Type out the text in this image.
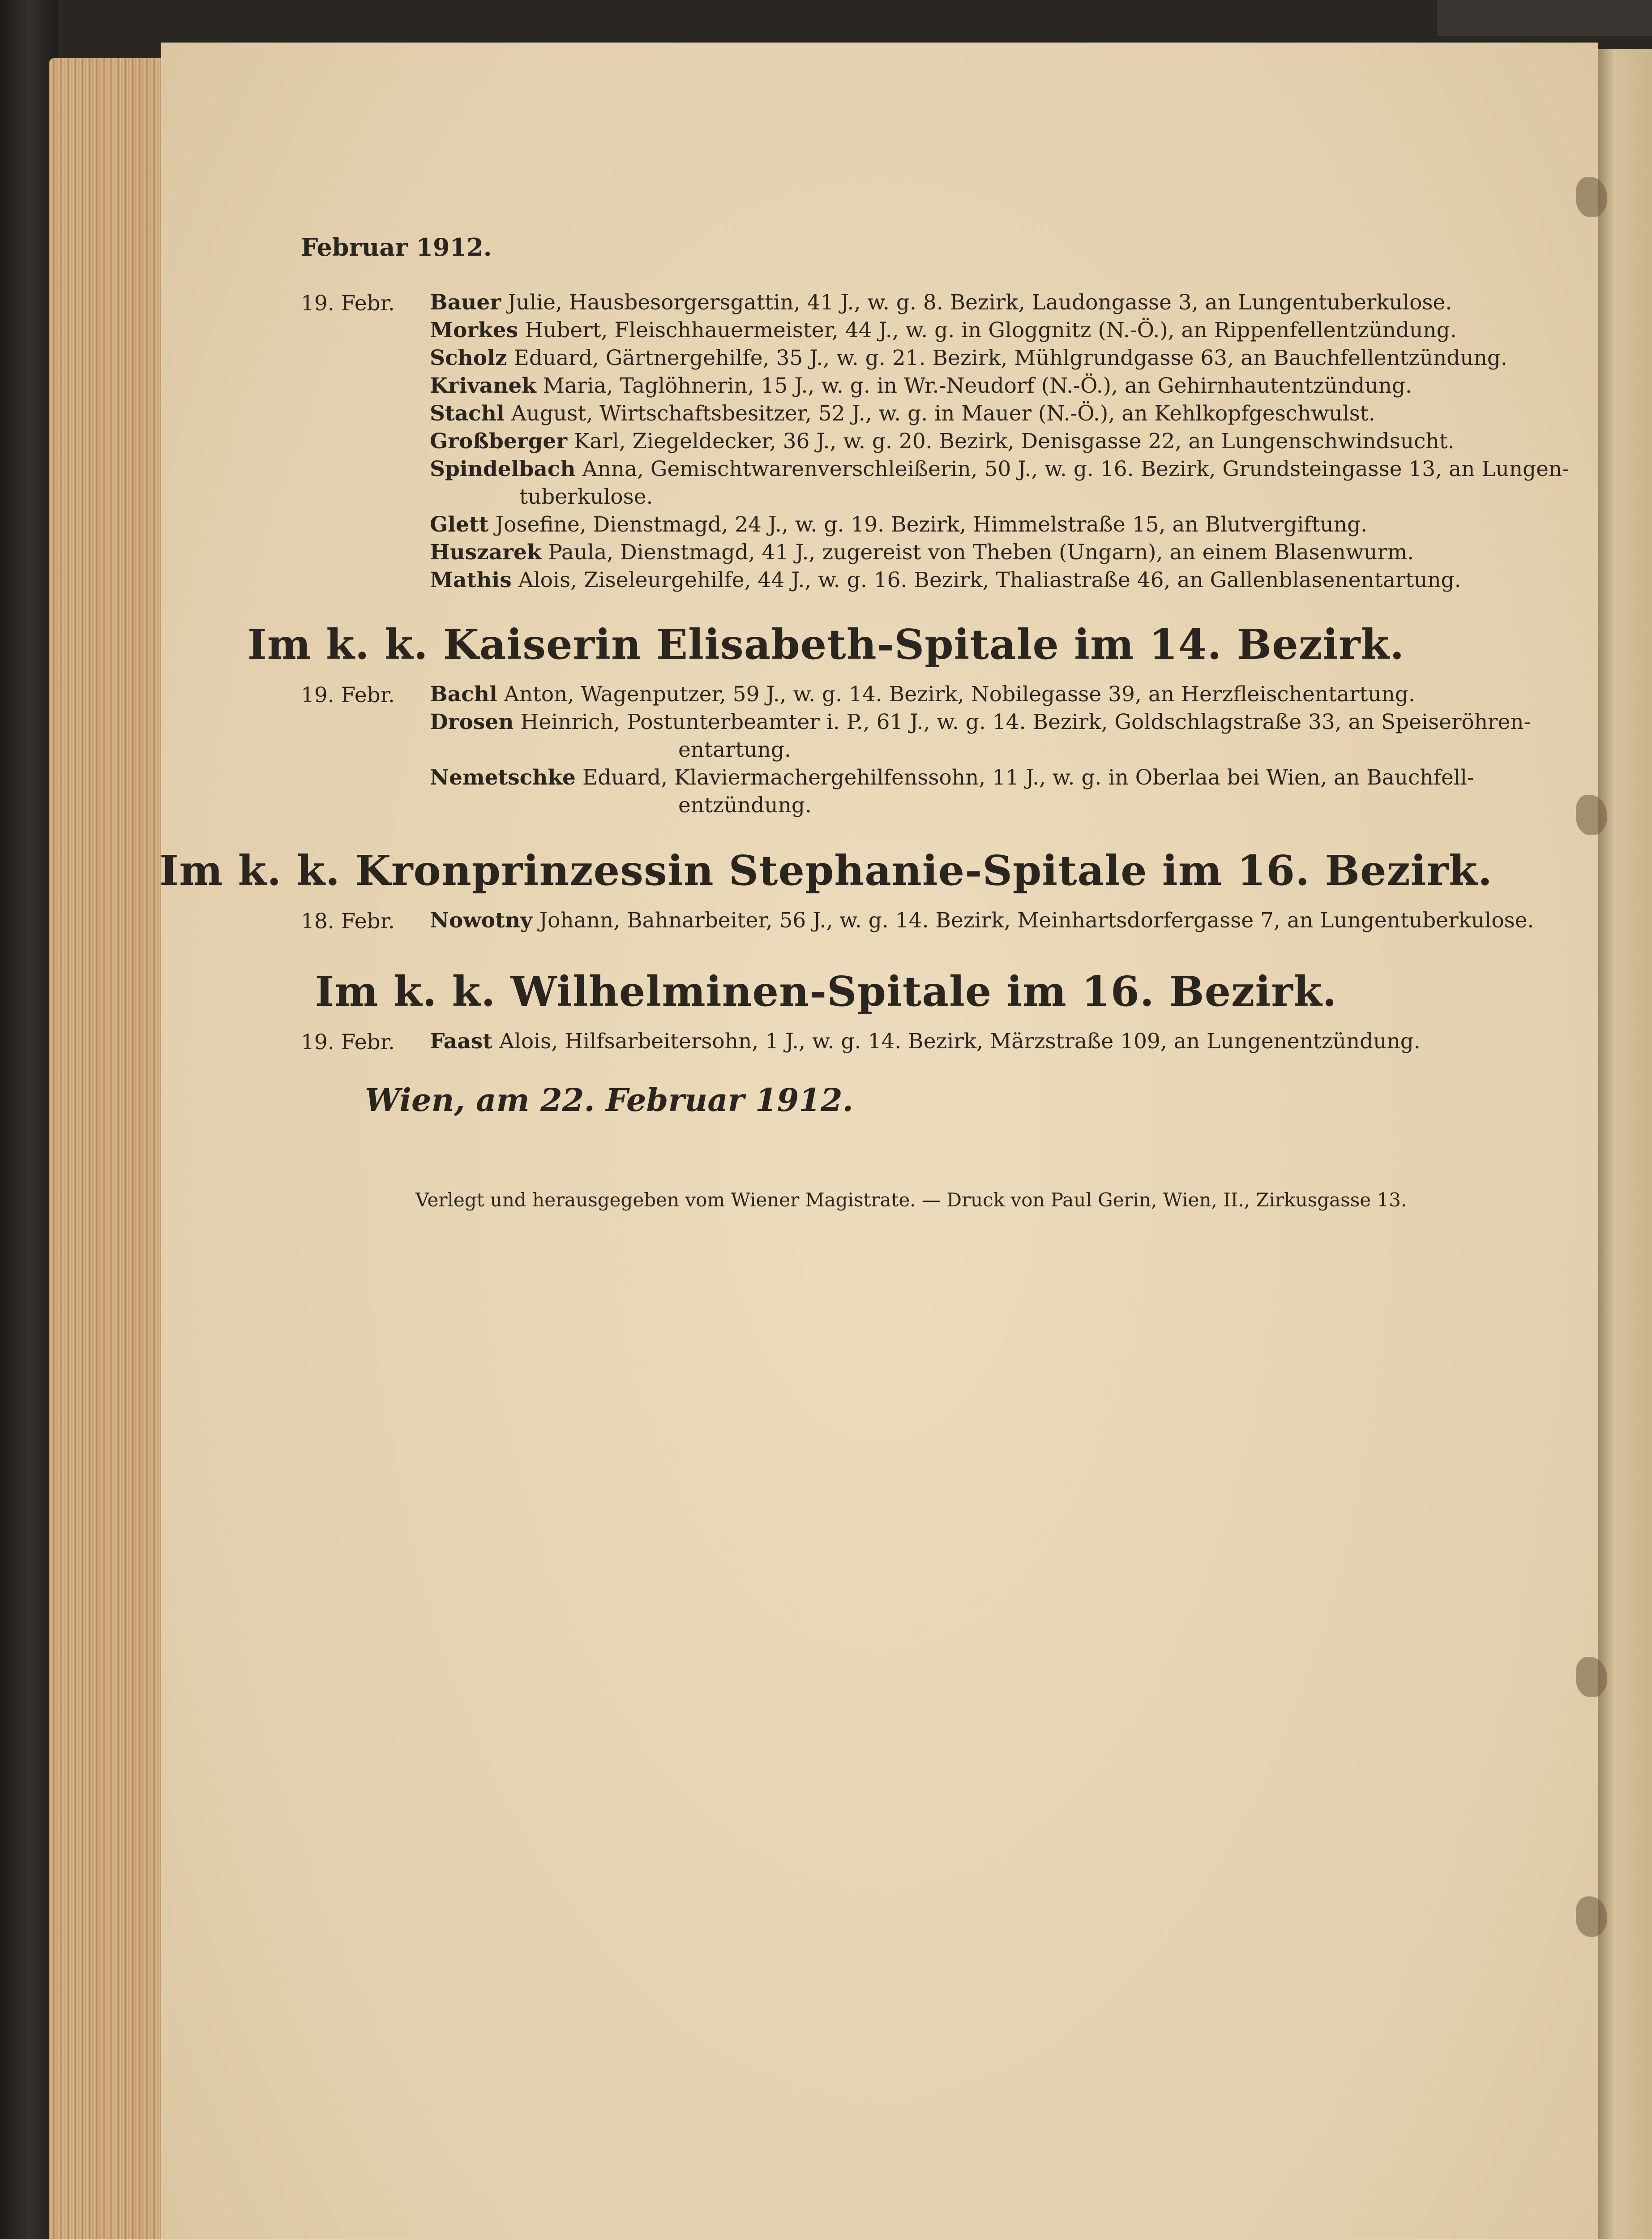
Februar 1912.
19. Febr. Bauer Julie, Hausbesorgersgattin, 41 J., w. g. 8. Bezirk, Laudongasse 3, an Lungentuberkulose.
Morkes Hubert, Fleischhauermeister, 44 J., w. g. in Gloggnitz (N.-Ö.), an Rippenfellentzündung.
Scholz Eduard, Gärtnergehilfe, 35 J., w. g. 21. Bezirk, Mühlgrundgasse 63, an Bauchfellentzündung.
Krivanek Maria, Taglöhnerin, 15 J., w. g. in Wr.-Neudorf (N.-Ö.), an Gehirnhautentzündung.
Stachl August, Wirtschaftsbesitzer, 52 J., w. g. in Mauer (N.-Ö.), an Kehlkopfgeschwulst.
Großberger Karl, Ziegeldecker, 36 J., w. g. 20. Bezirk, Denisgasse 22, an Lungenschwindsucht.
Spindelbach Anna, Gemischtwarenverschleißerin, 50 J., w. g. 16. Bezirk, Grundsteingasse 13, an Lungen-
tuberkulose.
Glett Josefine, Dienstmagd, 24 J., w. g. 19. Bezirk, Himmelstraße 15, an Blutvergiftung.
Huszarek Paula, Dienstmagd, 41 J., zugereist von Theben (Ungarn), an einem Blasenwurm.
Mathis Alois, Ziseleurgehilfe, 44 J., w. g. 16. Bezirk, Thaliastraße 46, an Gallenblasenentartung.
Im k. k. Kaiserin Elisabeth-Spitale im 14. Bezirk.
19. Febr. Bachl Anton, Wagenputzer, 59 J., w. g. 14. Bezirk, Nobilegasse 39, an Herzfleischentartung.
Drosen Heinrich, Postunterbeamter i. P., 61 J., w. g. 14. Bezirk, Goldschlagstraße 33, an Speiseröhren-
entartung.
Nemetschke Eduard, Klaviermachergehilfenssohn, 11 J., w. g. in Oberlaa bei Wien, an Bauchfell-
entzündung.
Im k. k. Kronprinzessin Stephanie-Spitale im 16. Bezirk.
18. Febr. Nowotny Johann, Bahnarbeiter, 56 J., w. g. 14. Bezirk, Meinhartsdorfergasse 7, an Lungentuberkulose.
Im k. k. Wilhelminen-Spitale im 16. Bezirk.
19. Febr. Faast Alois, Hilfsarbeitersohn, 1 J., w. g. 14. Bezirk, Märzstraße 109, an Lungenentzündung.
Wien, am 22. Februar 1912.
Verlegt und herausgegeben vom Wiener Magistrate. — Druck von Paul Gerin, Wien, II., Zirkusgasse 13.
